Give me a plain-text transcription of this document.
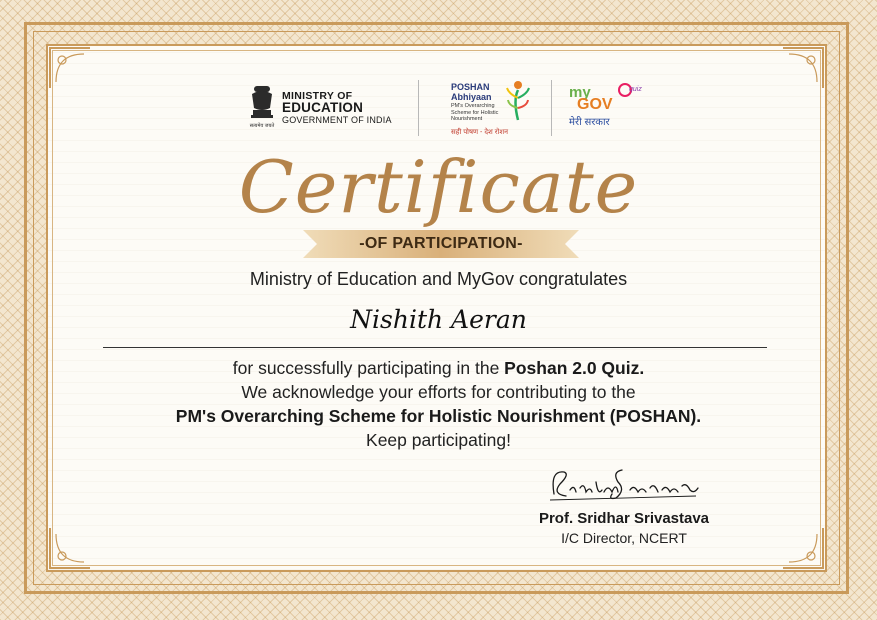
सत्यमेव जयते
MINISTRY OF
EDUCATION
GOVERNMENT OF INDIA
POSHAN
Abhiyaan
PM's Overarching Scheme for Holistic Nourishment
सही पोषण - देश रोशन
my
GOV
quiz
मेरी सरकार
Certificate
-OF PARTICIPATION-
Ministry of Education and MyGov congratulates
Nishith Aeran
for successfully participating in the Poshan 2.0 Quiz.
We acknowledge your efforts for contributing to the
PM's Overarching Scheme for Holistic Nourishment (POSHAN).
Keep participating!
Prof. Sridhar Srivastava
I/C Director, NCERT
